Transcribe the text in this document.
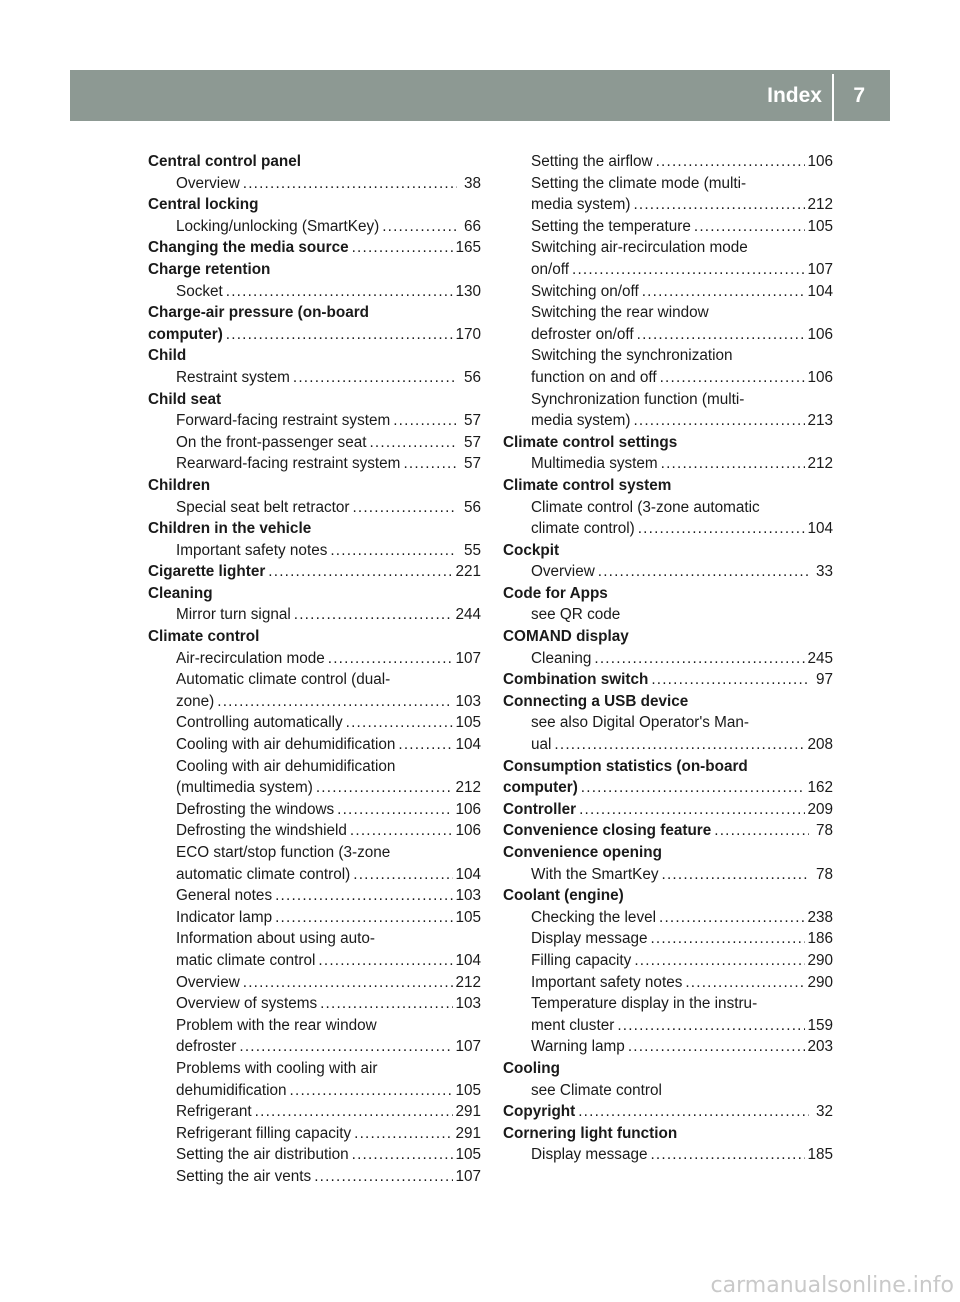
Index 7
Central control panel
Overview .....	38
Central locking
Locking/unlocking (SmartKey) .....	66
Changing the media source .....	165
Charge retention
Socket .....	130
Charge-air pressure (on-board
computer) .....	170
Child
Restraint system .....	56
Child seat
Forward-facing restraint system .....	57
On the front-passenger seat .....	57
Rearward-facing restraint system .....	57
Children
Special seat belt retractor .....	56
Children in the vehicle
Important safety notes .....	55
Cigarette lighter .....	221
Cleaning
Mirror turn signal .....	244
Climate control
Air-recirculation mode .....	107
Automatic climate control (dual-
zone) .....	103
Controlling automatically .....	105
Cooling with air dehumidification .....	104
Cooling with air dehumidification
(multimedia system) .....	212
Defrosting the windows .....	106
Defrosting the windshield .....	106
ECO start/stop function (3-zone
automatic climate control) .....	104
General notes .....	103
Indicator lamp .....	105
Information about using auto-
matic climate control .....	104
Overview .....	212
Overview of systems .....	103
Problem with the rear window
defroster .....	107
Problems with cooling with air
dehumidification .....	105
Refrigerant .....	291
Refrigerant filling capacity .....	291
Setting the air distribution .....	105
Setting the air vents .....	107
Setting the airflow .....	106
Setting the climate mode (multi-
media system) .....	212
Setting the temperature .....	105
Switching air-recirculation mode
on/off .....	107
Switching on/off .....	104
Switching the rear window
defroster on/off .....	106
Switching the synchronization
function on and off .....	106
Synchronization function (multi-
media system) .....	213
Climate control settings
Multimedia system .....	212
Climate control system
Climate control (3-zone automatic
climate control) .....	104
Cockpit
Overview .....	33
Code for Apps
see QR code
COMAND display
Cleaning .....	245
Combination switch .....	97
Connecting a USB device
see also Digital Operator's Man-
ual .....	208
Consumption statistics (on-board
computer) .....	162
Controller .....	209
Convenience closing feature .....	78
Convenience opening
With the SmartKey .....	78
Coolant (engine)
Checking the level .....	238
Display message .....	186
Filling capacity .....	290
Important safety notes .....	290
Temperature display in the instru-
ment cluster .....	159
Warning lamp .....	203
Cooling
see Climate control
Copyright .....	32
Cornering light function
Display message .....	185
carmanualsonline.info
